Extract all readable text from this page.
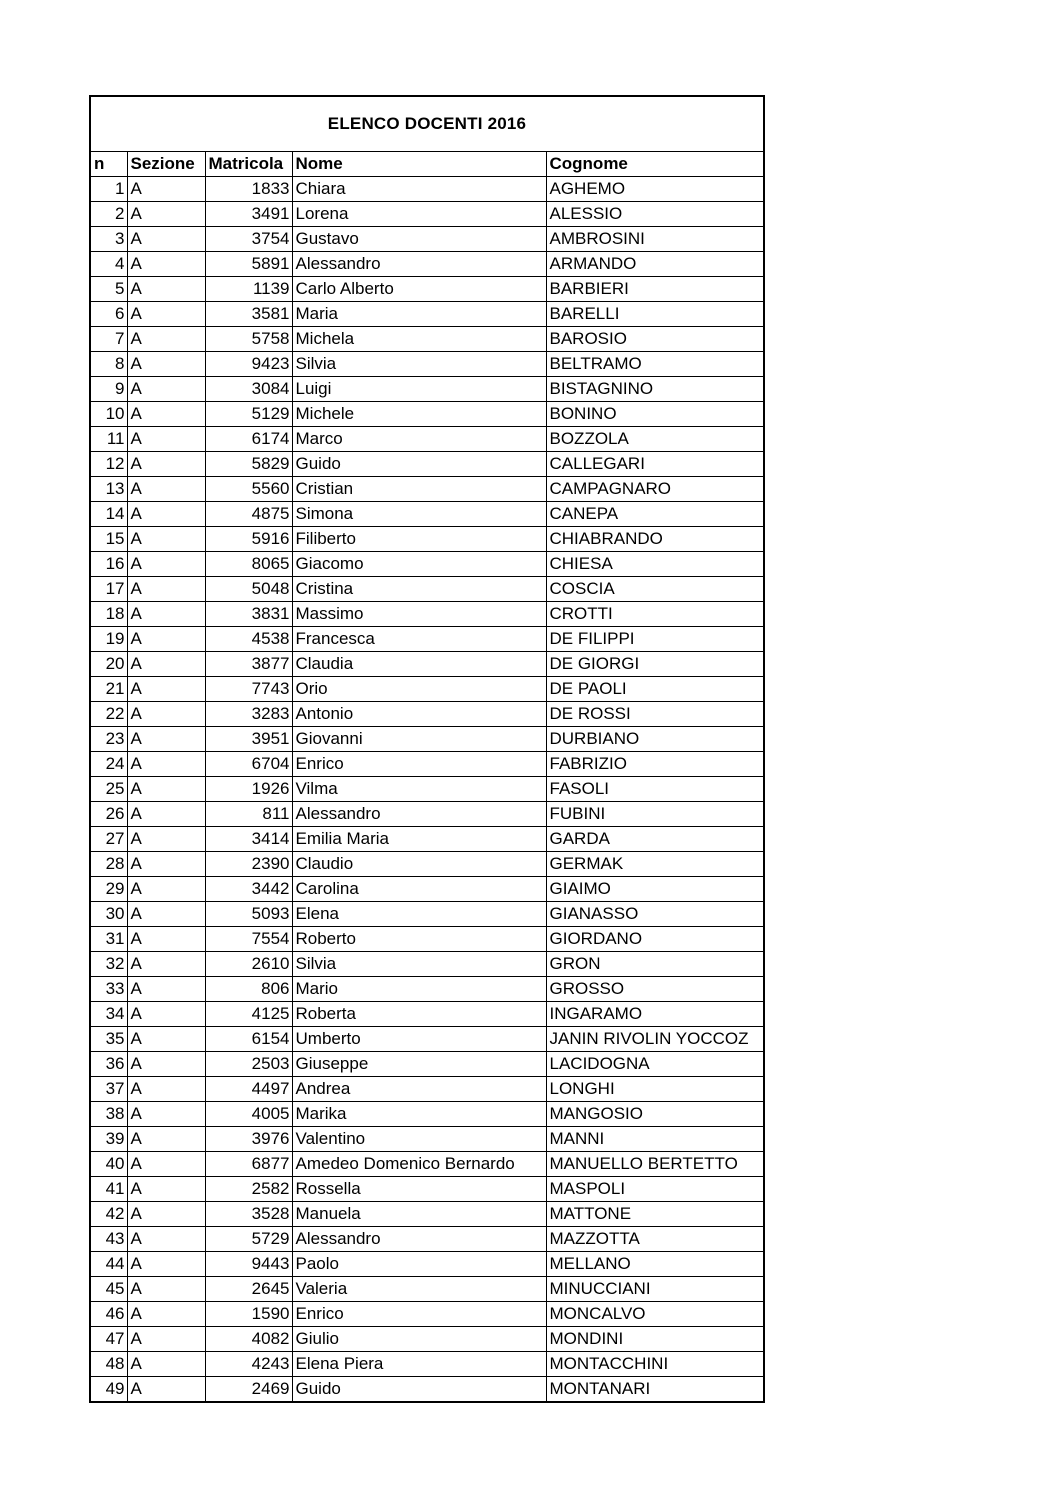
ELENCO DOCENTI 2016
n	Sezione	Matricola	Nome	Cognome
1	A	1833	Chiara	AGHEMO
2	A	3491	Lorena	ALESSIO
3	A	3754	Gustavo	AMBROSINI
4	A	5891	Alessandro	ARMANDO
5	A	1139	Carlo Alberto	BARBIERI
6	A	3581	Maria	BARELLI
7	A	5758	Michela	BAROSIO
8	A	9423	Silvia	BELTRAMO
9	A	3084	Luigi	BISTAGNINO
10	A	5129	Michele	BONINO
11	A	6174	Marco	BOZZOLA
12	A	5829	Guido	CALLEGARI
13	A	5560	Cristian	CAMPAGNARO
14	A	4875	Simona	CANEPA
15	A	5916	Filiberto	CHIABRANDO
16	A	8065	Giacomo	CHIESA
17	A	5048	Cristina	COSCIA
18	A	3831	Massimo	CROTTI
19	A	4538	Francesca	DE FILIPPI
20	A	3877	Claudia	DE GIORGI
21	A	7743	Orio	DE PAOLI
22	A	3283	Antonio	DE ROSSI
23	A	3951	Giovanni	DURBIANO
24	A	6704	Enrico	FABRIZIO
25	A	1926	Vilma	FASOLI
26	A	811	Alessandro	FUBINI
27	A	3414	Emilia Maria	GARDA
28	A	2390	Claudio	GERMAK
29	A	3442	Carolina	GIAIMO
30	A	5093	Elena	GIANASSO
31	A	7554	Roberto	GIORDANO
32	A	2610	Silvia	GRON
33	A	806	Mario	GROSSO
34	A	4125	Roberta	INGARAMO
35	A	6154	Umberto	JANIN RIVOLIN YOCCOZ
36	A	2503	Giuseppe	LACIDOGNA
37	A	4497	Andrea	LONGHI
38	A	4005	Marika	MANGOSIO
39	A	3976	Valentino	MANNI
40	A	6877	Amedeo Domenico Bernardo	MANUELLO BERTETTO
41	A	2582	Rossella	MASPOLI
42	A	3528	Manuela	MATTONE
43	A	5729	Alessandro	MAZZOTTA
44	A	9443	Paolo	MELLANO
45	A	2645	Valeria	MINUCCIANI
46	A	1590	Enrico	MONCALVO
47	A	4082	Giulio	MONDINI
48	A	4243	Elena Piera	MONTACCHINI
49	A	2469	Guido	MONTANARI
